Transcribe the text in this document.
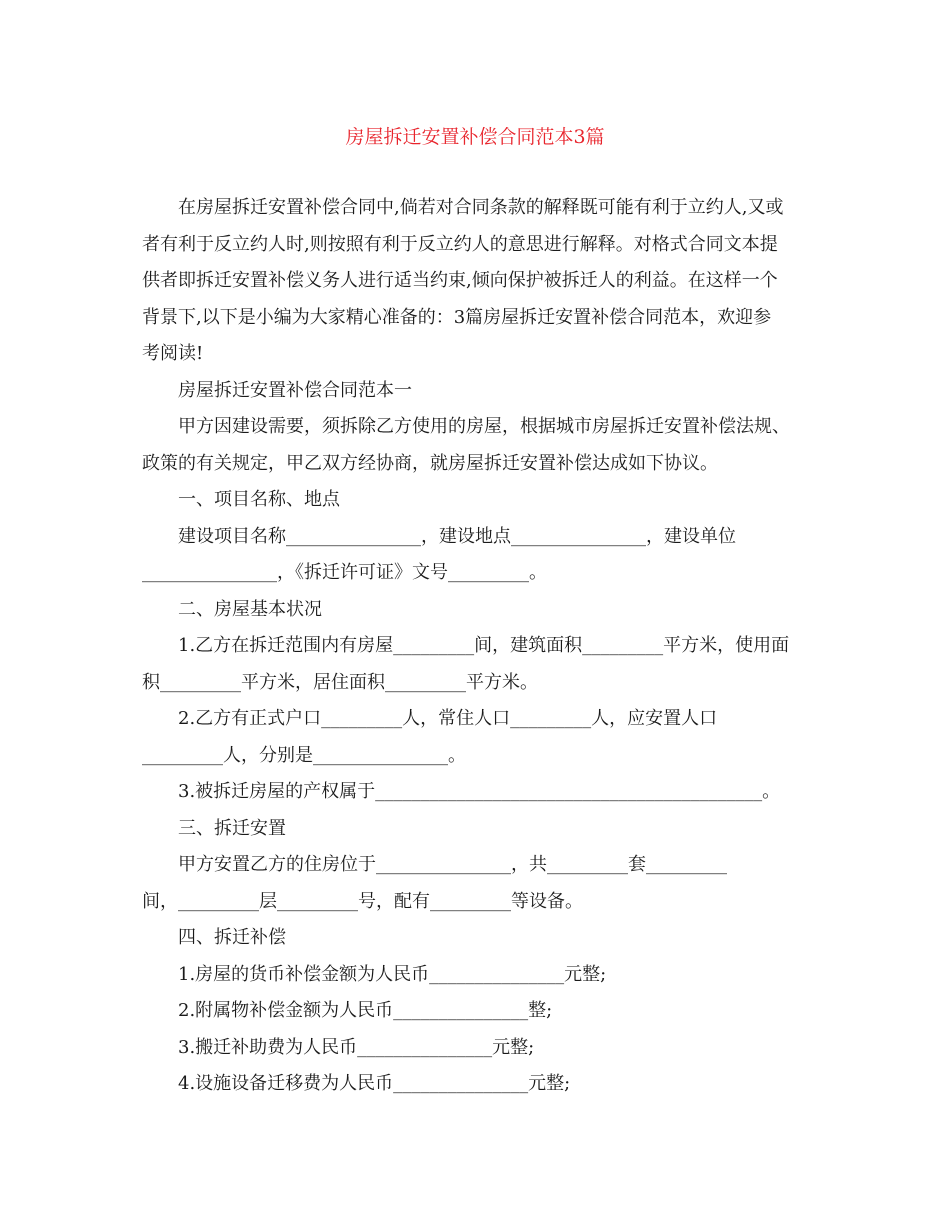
房屋拆迁安置补偿合同范本3篇
在房屋拆迁安置补偿合同中,倘若对合同条款的解释既可能有利于立约人,又或
者有利于反立约人时,则按照有利于反立约人的意思进行解释。对格式合同文本提
供者即拆迁安置补偿义务人进行适当约束,倾向保护被拆迁人的利益。在这样一个
背景下,以下是小编为大家精心准备的：3篇房屋拆迁安置补偿合同范本，欢迎参
考阅读!
房屋拆迁安置补偿合同范本一
甲方因建设需要，须拆除乙方使用的房屋，根据城市房屋拆迁安置补偿法规、
政策的有关规定，甲乙双方经协商，就房屋拆迁安置补偿达成如下协议。
一、项目名称、地点
建设项目名称_______________，建设地点_______________，建设单位
_______________，《拆迁许可证》文号_________。
二、房屋基本状况
1.乙方在拆迁范围内有房屋_________间，建筑面积_________平方米，使用面
积_________平方米，居住面积_________平方米。
2.乙方有正式户口_________人，常住人口_________人，应安置人口
_________人，分别是_______________。
3.被拆迁房屋的产权属于___________________________________________。
三、拆迁安置
甲方安置乙方的住房位于_______________，共_________套_________
间，_________层_________号，配有_________等设备。
四、拆迁补偿
1.房屋的货币补偿金额为人民币_______________元整;
2.附属物补偿金额为人民币_______________整;
3.搬迁补助费为人民币_______________元整;
4.设施设备迁移费为人民币_______________元整;
